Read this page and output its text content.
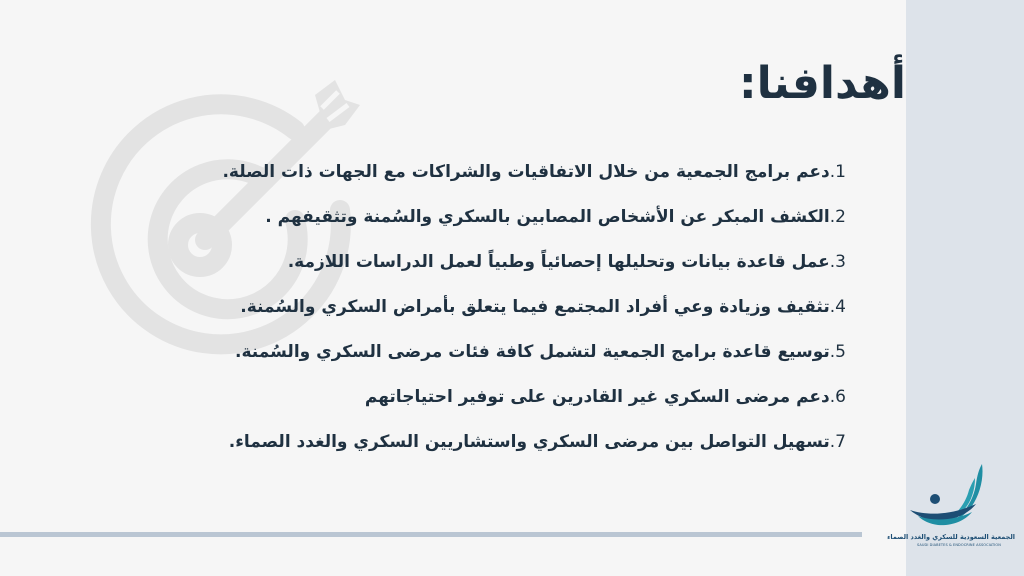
أهدافنا:
1.دعم برامج الجمعية من خلال الاتفاقيات والشراكات مع الجهات ذات الصلة.
2.الكشف المبكر عن الأشخاص المصابين بالسكري والسُمنة وتثقيفهم .
3.عمل قاعدة بيانات وتحليلها إحصائياً وطبياً لعمل الدراسات اللازمة.
4.تثقيف وزيادة وعي أفراد المجتمع فيما يتعلق بأمراض السكري والسُمنة.
5.توسيع قاعدة برامج الجمعية لتشمل كافة فئات مرضى السكري والسُمنة.
6.دعم مرضى السكري غير القادرين على توفير احتياجاتهم
7.تسهيل التواصل بين مرضى السكري واستشاريين السكري والغدد الصماء.
الجمعية السعودية للسكري والغدد الصماء
SAUDI DIABETES & ENDOCRINE ASSOCIATION
